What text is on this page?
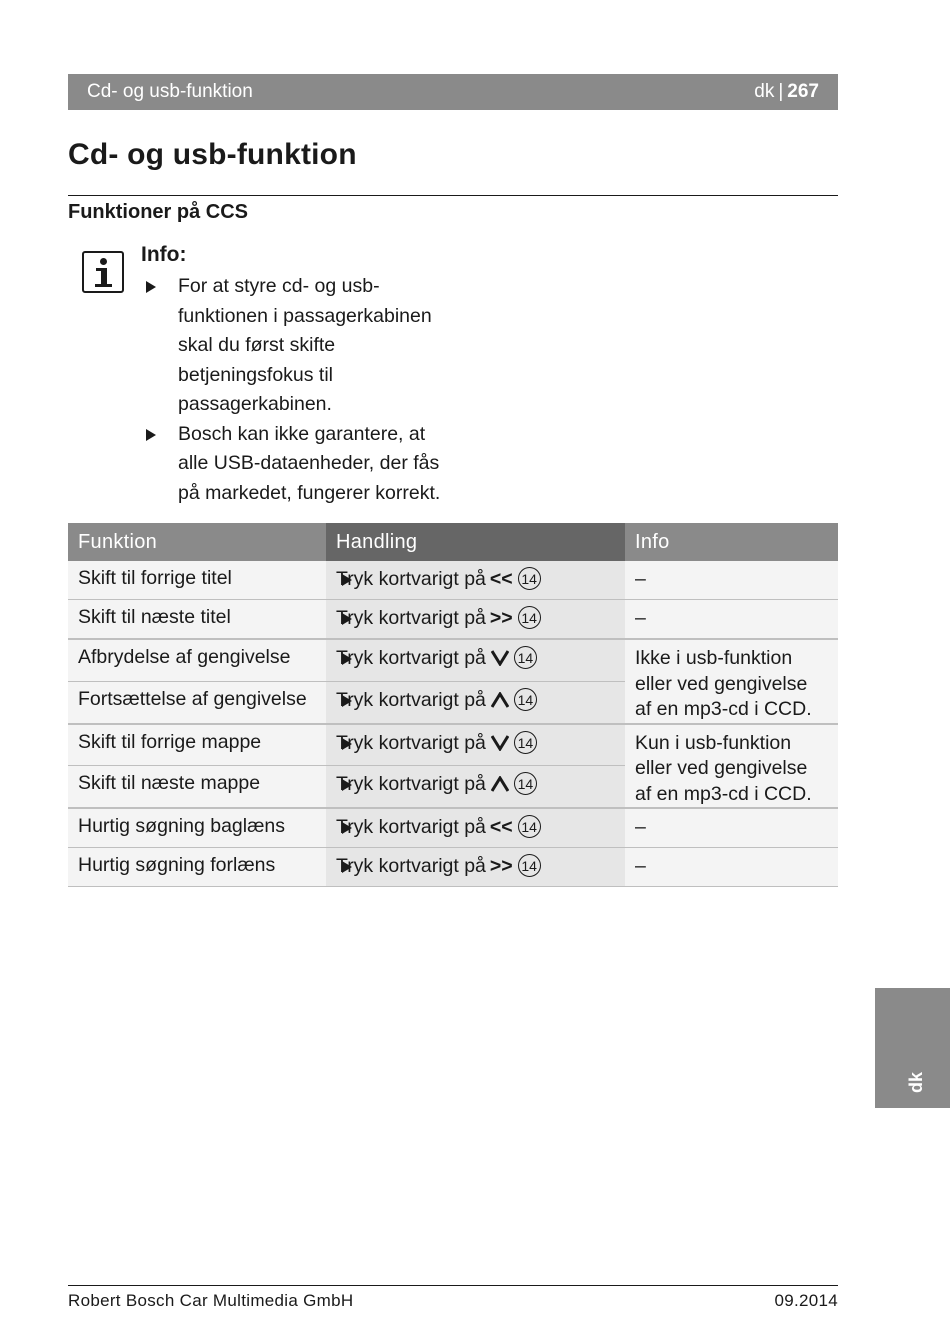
Cd- og usb-funktion	dk | 267
Cd- og usb-funktion
Funktioner på CCS
Info:
For at styre cd- og usb-funktionen i passagerkabinen skal du først skifte betjeningsfokus til passagerkabinen.
Bosch kan ikke garantere, at alle USB-dataenheder, der fås på markedet, fungerer korrekt.
Funktion	Handling	Info
Skift til forrige titel	Tryk kortvarigt på << 14	–
Skift til næste titel	Tryk kortvarigt på >> 14	–
Afbrydelse af gengivelse	Tryk kortvarigt på 14	Ikke i usb-funktion eller ved gengivelse af en mp3-cd i CCD.
Fortsættelse af gengivelse	Tryk kortvarigt på 14	
Skift til forrige mappe	Tryk kortvarigt på 14	Kun i usb-funktion eller ved gengivelse af en mp3-cd i CCD.
Skift til næste mappe	Tryk kortvarigt på 14	
Hurtig søgning baglæns	Tryk kortvarigt på << 14	–
Hurtig søgning forlæns	Tryk kortvarigt på >> 14	–
dk
Robert Bosch Car Multimedia GmbH	09.2014
